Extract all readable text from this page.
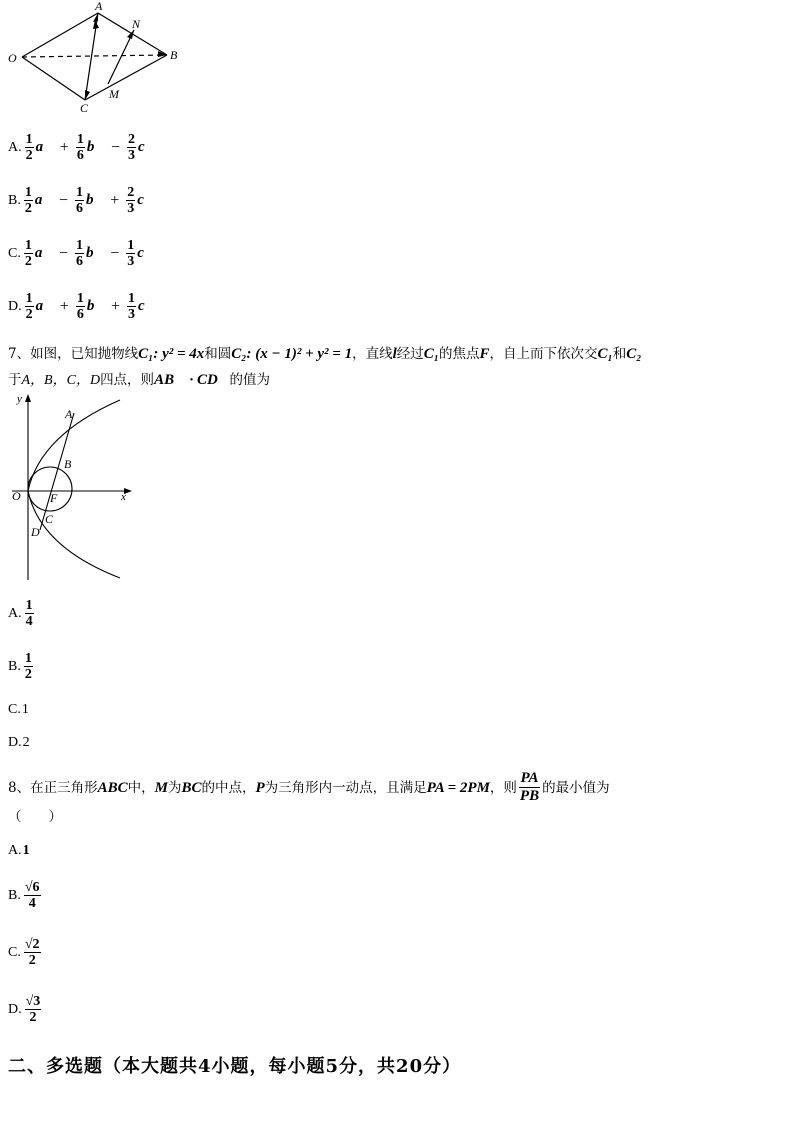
O
A
N
B
C
M
A. $\frac{1}{2}$ a⃗ + $\frac{1}{6}$ b⃗ − $\frac{2}{3}$ c⃗
B. $\frac{1}{2}$ a⃗ − $\frac{1}{6}$ b⃗ + $\frac{2}{3}$ c⃗
C. $\frac{1}{2}$ a⃗ − $\frac{1}{6}$ b⃗ − $\frac{1}{3}$ c⃗
D. $\frac{1}{2}$ a⃗ + $\frac{1}{6}$ b⃗ + $\frac{1}{3}$ c⃗
7、如图，已知抛物线C₁: y² = 4x和圆C₂: (x − 1)² + y² = 1，直线l经过C₁的焦点F，自上而下依次交C₁和C₂
于A，B，C，D四点，则AB⃗ · CD⃗的值为
y
x
O
A
B
F
C
D
A. $\frac{1}{4}$
B. $\frac{1}{2}$
C. 1
D. 2
8、在正三角形 ABC 中， M 为 BC 的中点， P 为三角形内一动点，且满足 PA = 2PM ，则 $\frac{PA}{PB}$ 的最小值为
（　　）
A. 1
B. $\frac{√6}{4}$
C. $\frac{√2}{2}$
D. $\frac{√3}{2}$
二、多选题（本大题共4小题，每小题5分，共20分）
